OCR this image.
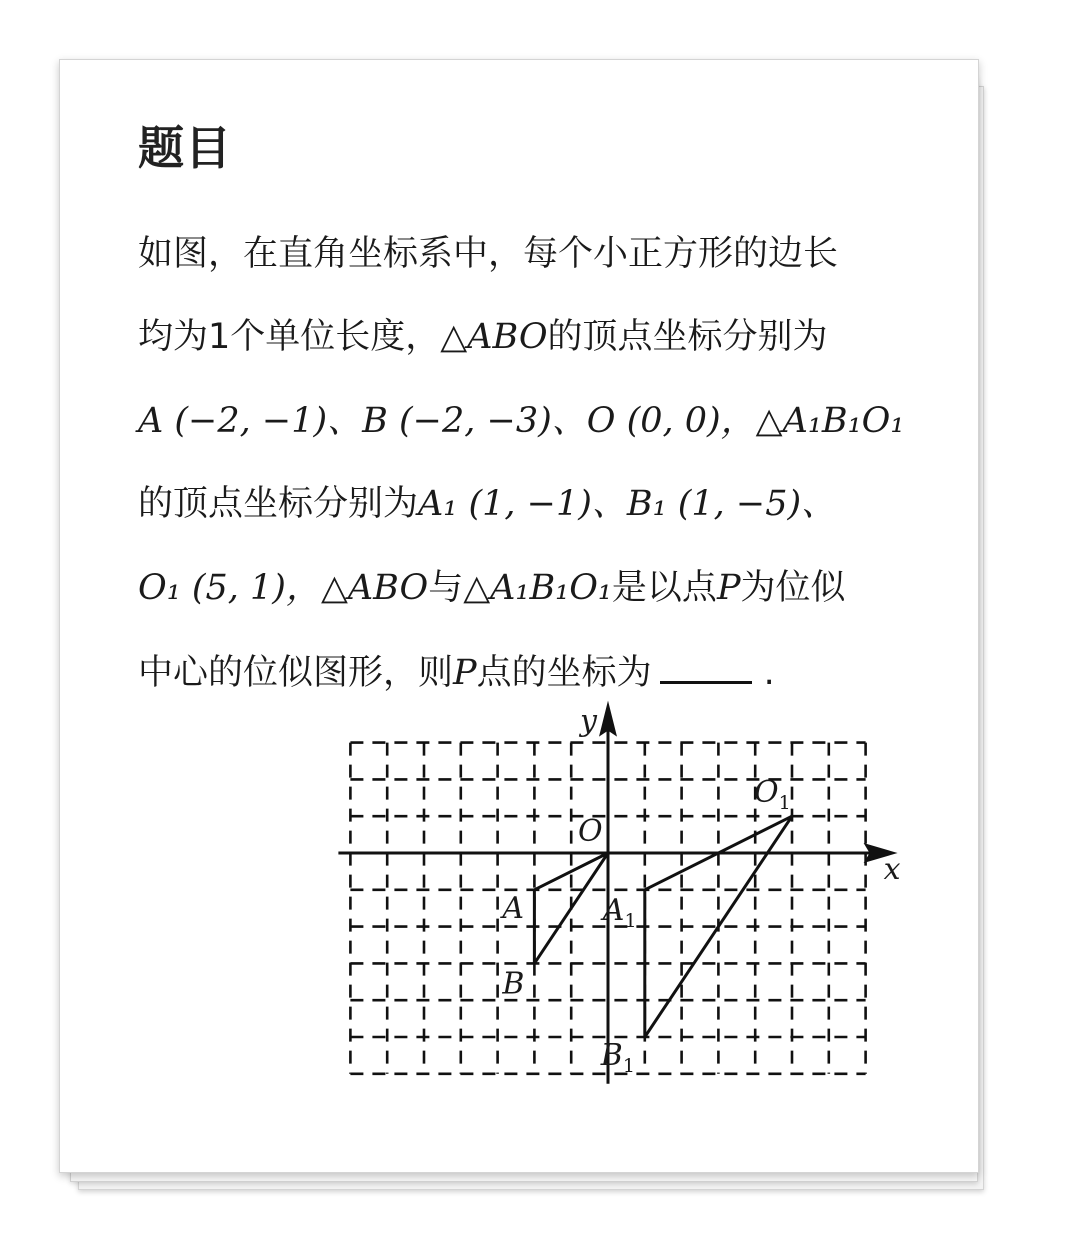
题目
如图，在直角坐标系中，每个小正方形的边长
均为1个单位长度，△ABO的顶点坐标分别为
A (−2, −1)、B (−2, −3)、O (0, 0)，△A₁B₁O₁
的顶点坐标分别为A₁ (1, −1)、B₁ (1, −5)、
O₁ (5, 1)，△ABO与△A₁B₁O₁是以点P为位似
中心的位似图形，则P点的坐标为	.
x
y
O
A
B
$A_1$
$B_1$
$O_1$
